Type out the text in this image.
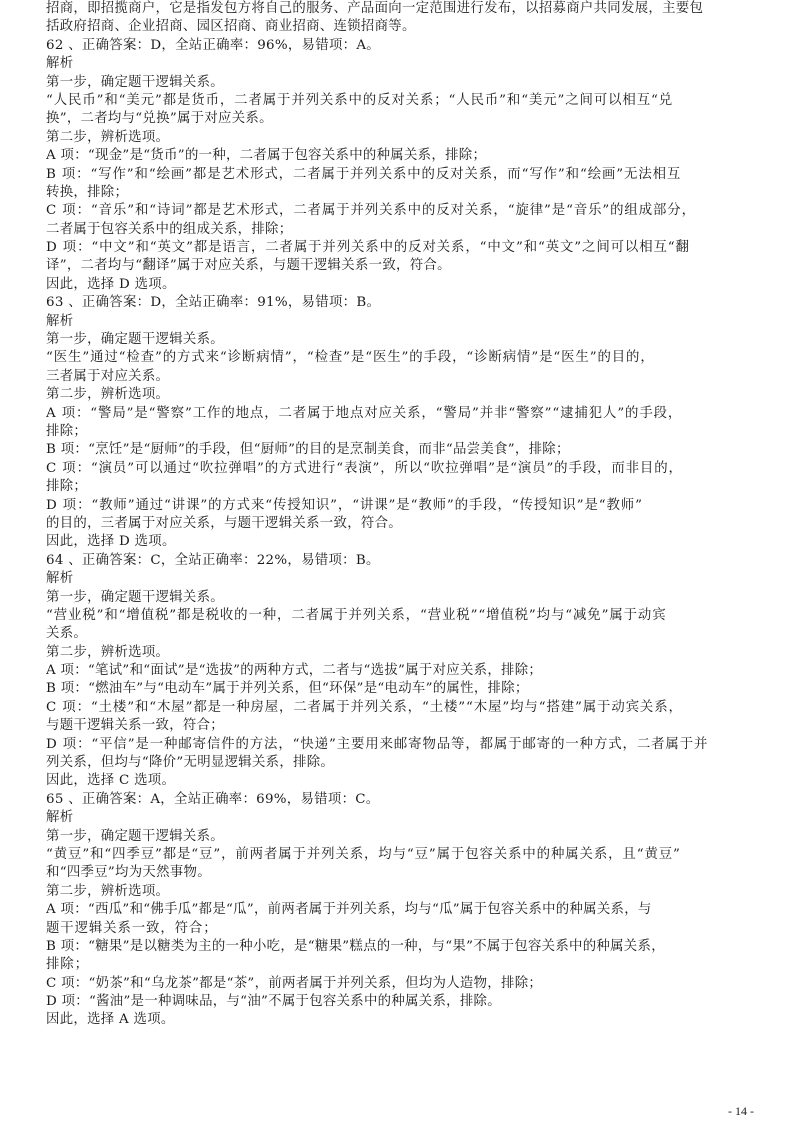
招商，即招揽商户，它是指发包方将自己的服务、产品面向一定范围进行发布，以招募商户共同发展，主要包
括政府招商、企业招商、园区招商、商业招商、连锁招商等。
62 、正确答案：D，全站正确率：96%，易错项：A。
解析
第一步，确定题干逻辑关系。
“人民币”和“美元”都是货币，二者属于并列关系中的反对关系；“人民币”和“美元”之间可以相互“兑
换”，二者均与“兑换”属于对应关系。
第二步，辨析选项。
A 项：“现金”是“货币”的一种，二者属于包容关系中的种属关系，排除；
B 项：“写作”和“绘画”都是艺术形式，二者属于并列关系中的反对关系，而“写作”和“绘画”无法相互
转换，排除；
C 项：“音乐”和“诗词”都是艺术形式，二者属于并列关系中的反对关系，“旋律”是“音乐”的组成部分，
二者属于包容关系中的组成关系，排除；
D 项：“中文”和“英文”都是语言，二者属于并列关系中的反对关系，“中文”和“英文”之间可以相互“翻
译”，二者均与“翻译”属于对应关系，与题干逻辑关系一致，符合。
因此，选择 D 选项。
63 、正确答案：D，全站正确率：91%，易错项：B。
解析
第一步，确定题干逻辑关系。
“医生”通过“检查”的方式来“诊断病情”，“检查”是“医生”的手段，“诊断病情”是“医生”的目的，
三者属于对应关系。
第二步，辨析选项。
A 项：“警局”是“警察”工作的地点，二者属于地点对应关系，“警局”并非“警察”“逮捕犯人”的手段，
排除；
B 项：“烹饪”是“厨师”的手段，但“厨师”的目的是烹制美食，而非“品尝美食”，排除；
C 项：“演员”可以通过“吹拉弹唱”的方式进行“表演”，所以“吹拉弹唱”是“演员”的手段，而非目的，
排除；
D 项：“教师”通过“讲课”的方式来“传授知识”，“讲课”是“教师”的手段，“传授知识”是“教师”
的目的，三者属于对应关系，与题干逻辑关系一致，符合。
因此，选择 D 选项。
64 、正确答案：C，全站正确率：22%，易错项：B。
解析
第一步，确定题干逻辑关系。
“营业税”和“增值税”都是税收的一种，二者属于并列关系，“营业税”“增值税”均与“减免”属于动宾
关系。
第二步，辨析选项。
A 项：“笔试”和“面试”是“选拔”的两种方式，二者与“选拔”属于对应关系，排除；
B 项：“燃油车”与“电动车”属于并列关系，但“环保”是“电动车”的属性，排除；
C 项：“土楼”和“木屋”都是一种房屋，二者属于并列关系，“土楼”“木屋”均与“搭建”属于动宾关系，
与题干逻辑关系一致，符合；
D 项：“平信”是一种邮寄信件的方法，“快递”主要用来邮寄物品等，都属于邮寄的一种方式，二者属于并
列关系，但均与“降价”无明显逻辑关系，排除。
因此，选择 C 选项。
65 、正确答案：A，全站正确率：69%，易错项：C。
解析
第一步，确定题干逻辑关系。
“黄豆”和“四季豆”都是“豆”，前两者属于并列关系，均与“豆”属于包容关系中的种属关系，且“黄豆”
和“四季豆”均为天然事物。
第二步，辨析选项。
A 项：“西瓜”和“佛手瓜”都是“瓜”，前两者属于并列关系，均与“瓜”属于包容关系中的种属关系，与
题干逻辑关系一致，符合；
B 项：“糖果”是以糖类为主的一种小吃，是“糖果”糕点的一种，与“果”不属于包容关系中的种属关系，
排除；
C 项：“奶茶”和“乌龙茶”都是“茶”，前两者属于并列关系，但均为人造物，排除；
D 项：“酱油”是一种调味品，与“油”不属于包容关系中的种属关系，排除。
因此，选择 A 选项。
- 14 -
